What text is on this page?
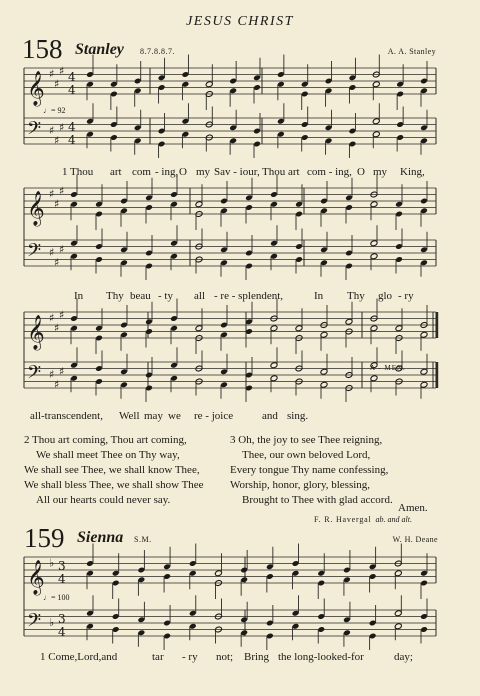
JESUS CHRIST
158 Stanley 8.7.8.8.7.	A. A. Stanley
𝄞
𝄢
♯
♯
♯
♯
♯
♯
4
4
4
4
𝄞
𝄢
♯
♯
♯
♯
♯
♯
𝄞
𝄢
♯
♯
♯
♯
♯
♯
𝄞
𝄢
♭
♭
3
4
3
4
♩= 92
♩= 100
1 Thou art com - ing, O my Sav - iour, Thou art com - ing, O my King,
In Thy beau - ty all - re - splendent,	In Thy glo - ry
all-transcendent, Well may we re - joice	and sing.
A - MEN.
2 Thou art coming, Thou art coming,
We shall meet Thee on Thy way,
We shall see Thee, we shall know Thee,
We shall bless Thee, we shall show Thee
All our hearts could never say.
3 Oh, the joy to see Thee reigning,
Thee, our own beloved Lord,
Every tongue Thy name confessing,
Worship, honor, glory, blessing,
Brought to Thee with glad accord.
Amen.
F. R. Havergal ab. and alt.
159 Sienna S.M.	W. H. Deane
1 Come,Lord,and	tar - ry not; Bring the long-looked-for	day;
